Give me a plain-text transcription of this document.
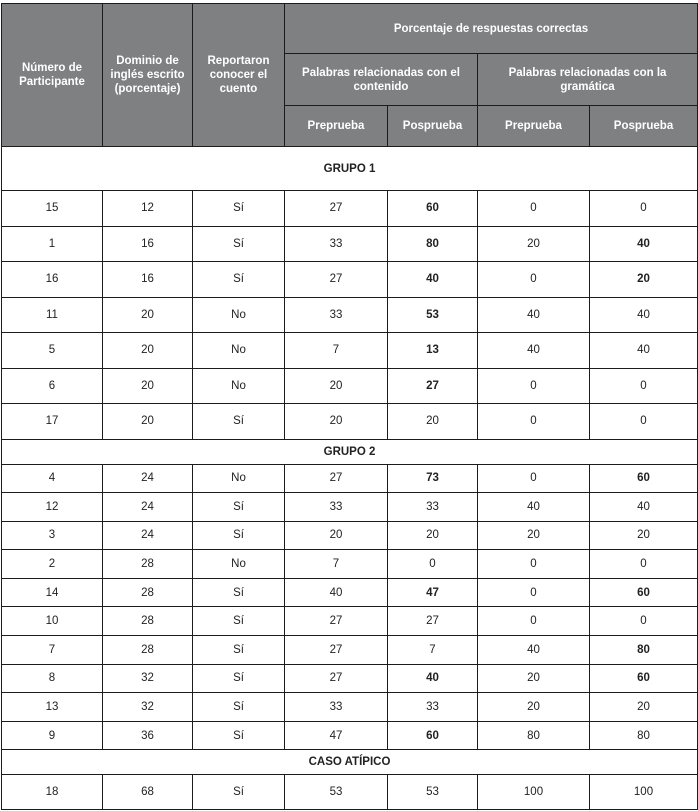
Número de Participante	Dominio de inglés escrito (porcentaje)	Reportaron conocer el cuento	Porcentaje de respuestas correctas			
			Palabras relacionadas con el contenido		Palabras relacionadas con la gramática	
			Preprueba	Posprueba	Preprueba	Posprueba
GRUPO 1						
15	12	Sí	27	60	0	0
1	16	Sí	33	80	20	40
16	16	Sí	27	40	0	20
11	20	No	33	53	40	40
5	20	No	7	13	40	40
6	20	No	20	27	0	0
17	20	Sí	20	20	0	0
GRUPO 2						
4	24	No	27	73	0	60
12	24	Sí	33	33	40	40
3	24	Sí	20	20	20	20
2	28	No	7	0	0	0
14	28	Sí	40	47	0	60
10	28	Sí	27	27	0	0
7	28	Sí	27	7	40	80
8	32	Sí	27	40	20	60
13	32	Sí	33	33	20	20
9	36	Sí	47	60	80	80
CASO ATÍPICO						
18	68	Sí	53	53	100	100
